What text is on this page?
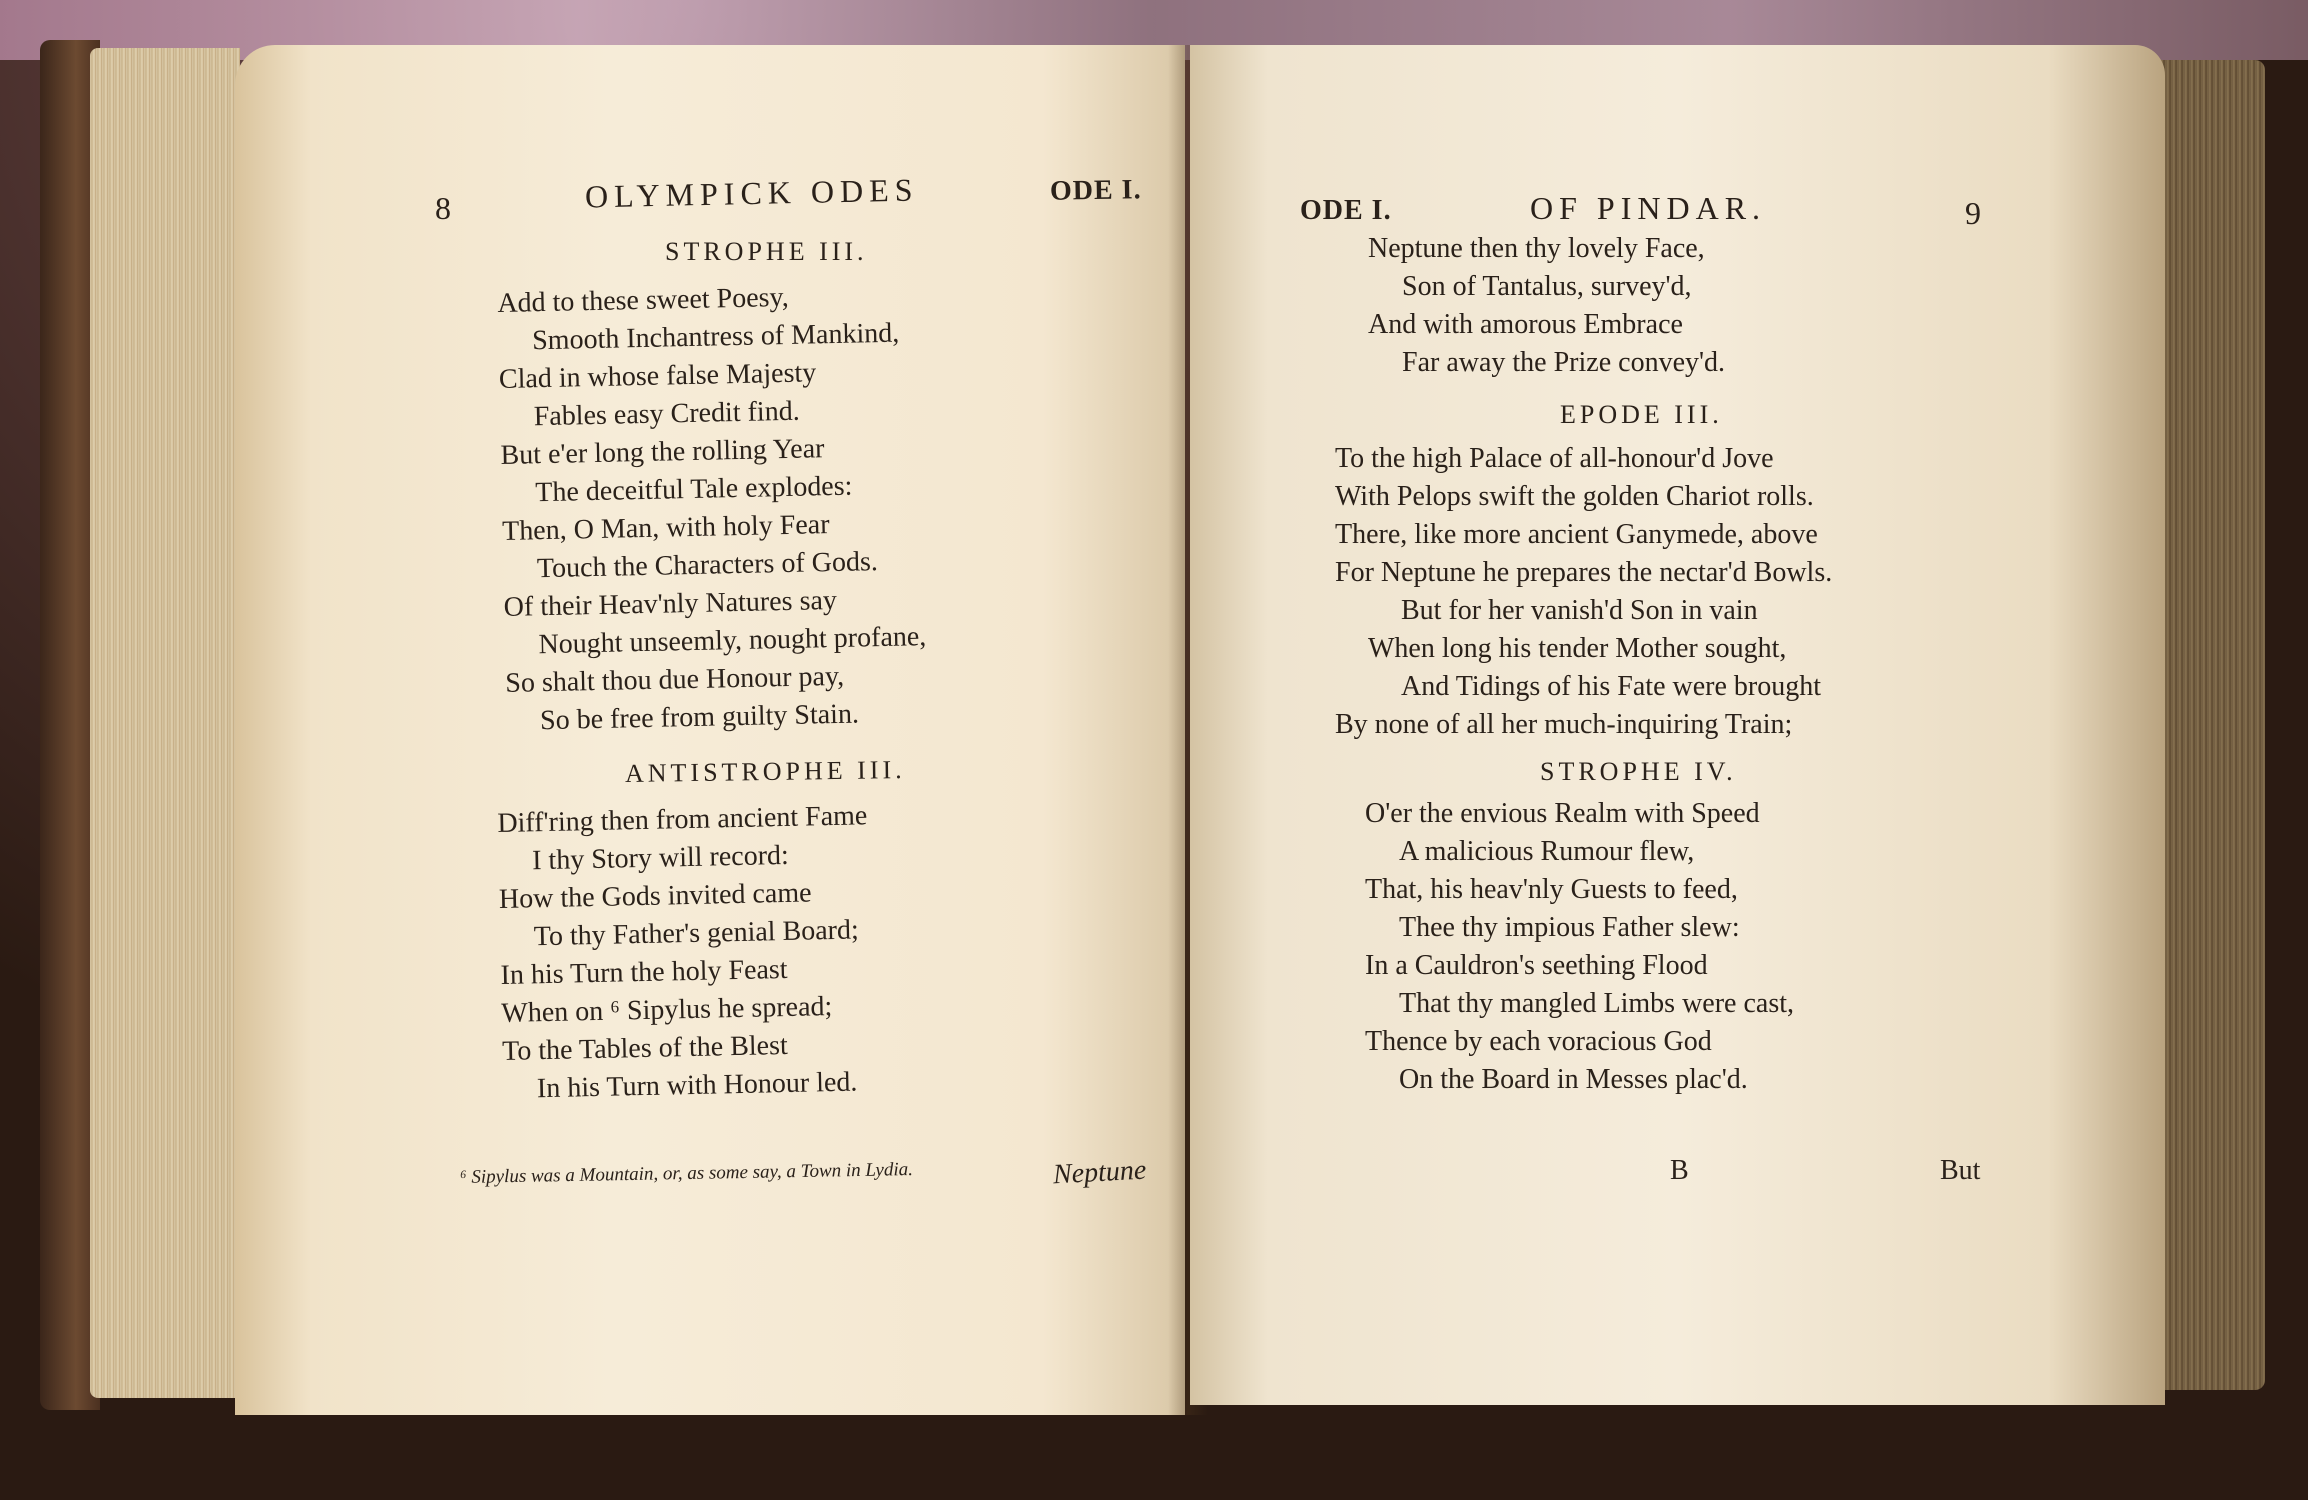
8	OLYMPICK ODES	ODE I.
STROPHE III.
Add to these sweet Poesy,
Smooth Inchantress of Mankind,
Clad in whose false Majesty
Fables easy Credit find.
But e'er long the rolling Year
The deceitful Tale explodes:
Then, O Man, with holy Fear
Touch the Characters of Gods.
Of their Heav'nly Natures say
Nought unseemly, nought profane,
So shalt thou due Honour pay,
So be free from guilty Stain.
ANTISTROPHE III.
Diff'ring then from ancient Fame
I thy Story will record:
How the Gods invited came
To thy Father's genial Board;
In his Turn the holy Feast
When on ⁶ Sipylus he spread;
To the Tables of the Blest
In his Turn with Honour led.
⁶ Sipylus was a Mountain, or, as some say, a Town in Lydia.	Neptune
ODE I.	OF PINDAR.	9
Neptune then thy lovely Face,
Son of Tantalus, survey'd,
And with amorous Embrace
Far away the Prize convey'd.
EPODE III.
To the high Palace of all-honour'd Jove
With Pelops swift the golden Chariot rolls.
There, like more ancient Ganymede, above
For Neptune he prepares the nectar'd Bowls.
But for her vanish'd Son in vain
When long his tender Mother sought,
And Tidings of his Fate were brought
By none of all her much-inquiring Train;
STROPHE IV.
O'er the envious Realm with Speed
A malicious Rumour flew,
That, his heav'nly Guests to feed,
Thee thy impious Father slew:
In a Cauldron's seething Flood
That thy mangled Limbs were cast,
Thence by each voracious God
On the Board in Messes plac'd.
B	But
